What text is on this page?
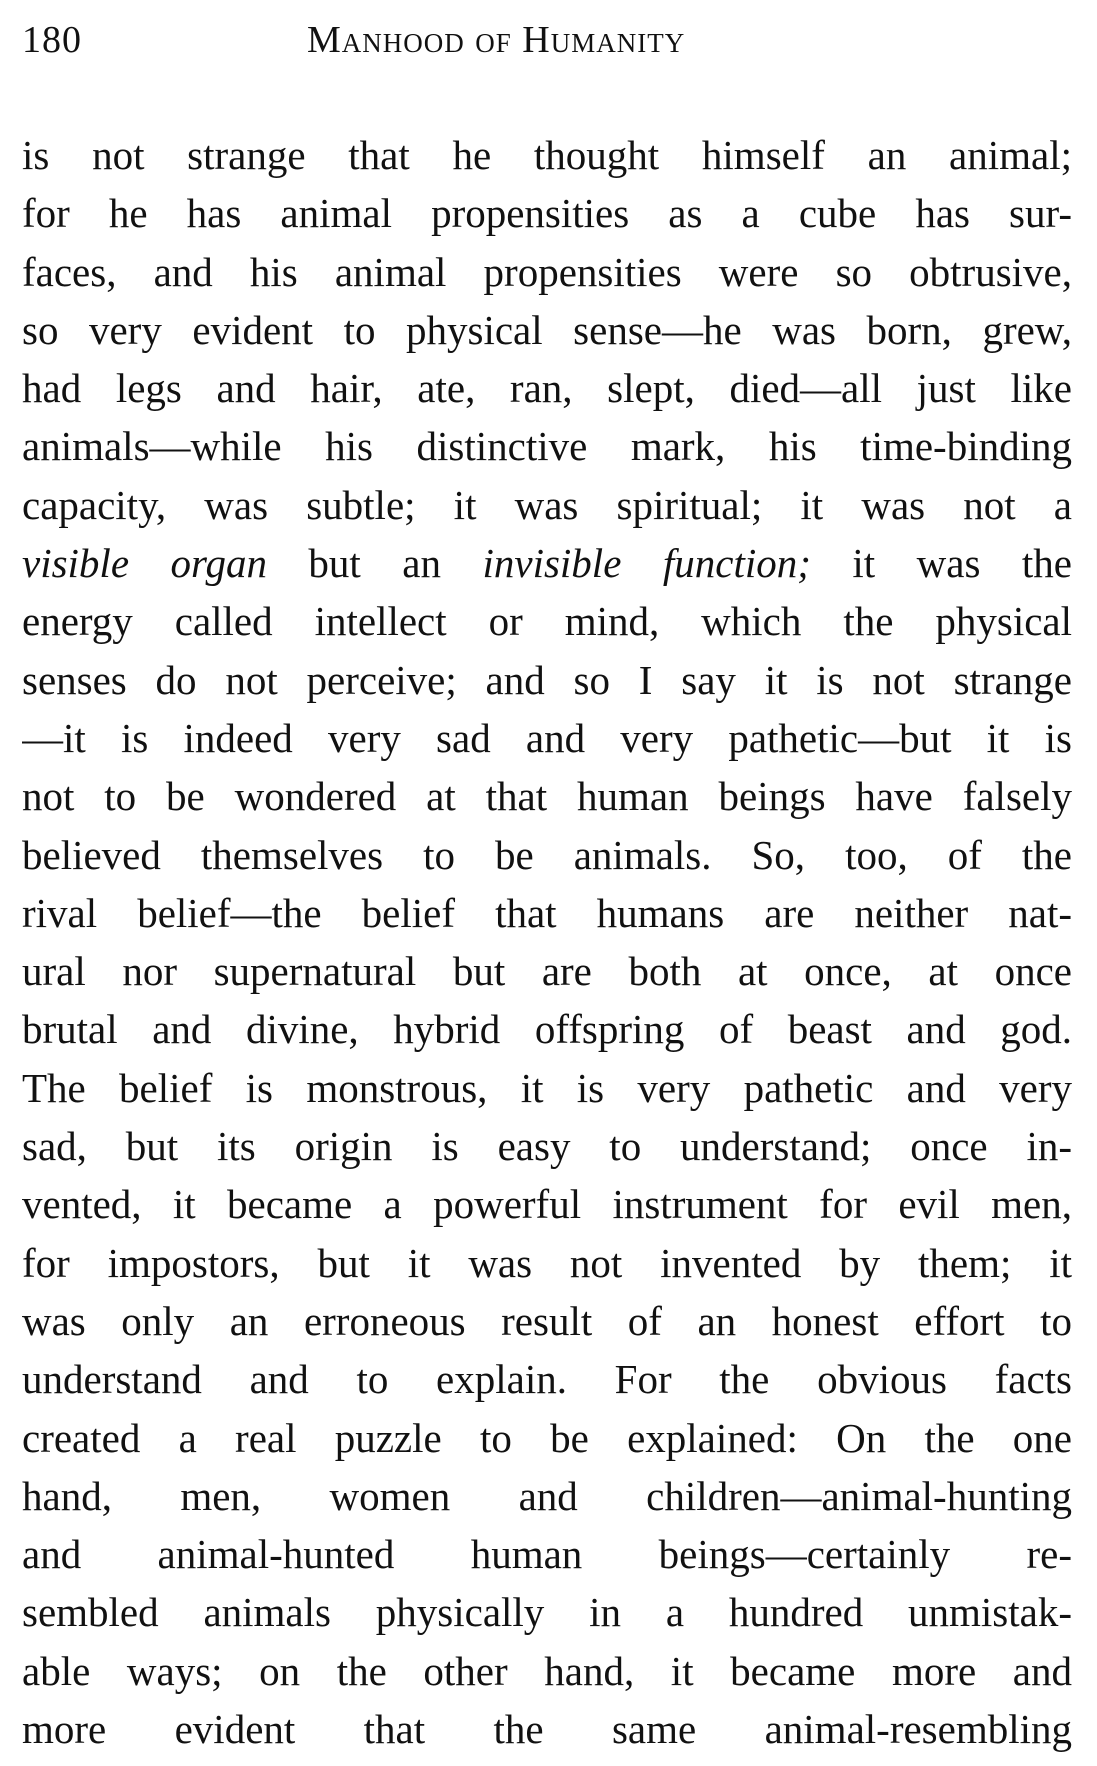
180	Manhood of Humanity
is not strange that he thought himself an animal;
for he has animal propensities as a cube has sur-
faces, and his animal propensities were so obtrusive,
so very evident to physical sense—he was born, grew,
had legs and hair, ate, ran, slept, died—all just like
animals—while his distinctive mark, his time-binding
capacity, was subtle; it was spiritual; it was not a
visible organ but an invisible function; it was the
energy called intellect or mind, which the physical
senses do not perceive; and so I say it is not strange
—it is indeed very sad and very pathetic—but it is
not to be wondered at that human beings have falsely
believed themselves to be animals. So, too, of the
rival belief—the belief that humans are neither nat-
ural nor supernatural but are both at once, at once
brutal and divine, hybrid offspring of beast and god.
The belief is monstrous, it is very pathetic and very
sad, but its origin is easy to understand; once in-
vented, it became a powerful instrument for evil men,
for impostors, but it was not invented by them; it
was only an erroneous result of an honest effort to
understand and to explain. For the obvious facts
created a real puzzle to be explained: On the one
hand, men, women and children—animal-hunting
and animal-hunted human beings—certainly re-
sembled animals physically in a hundred unmistak-
able ways; on the other hand, it became more and
more evident that the same animal-resembling
